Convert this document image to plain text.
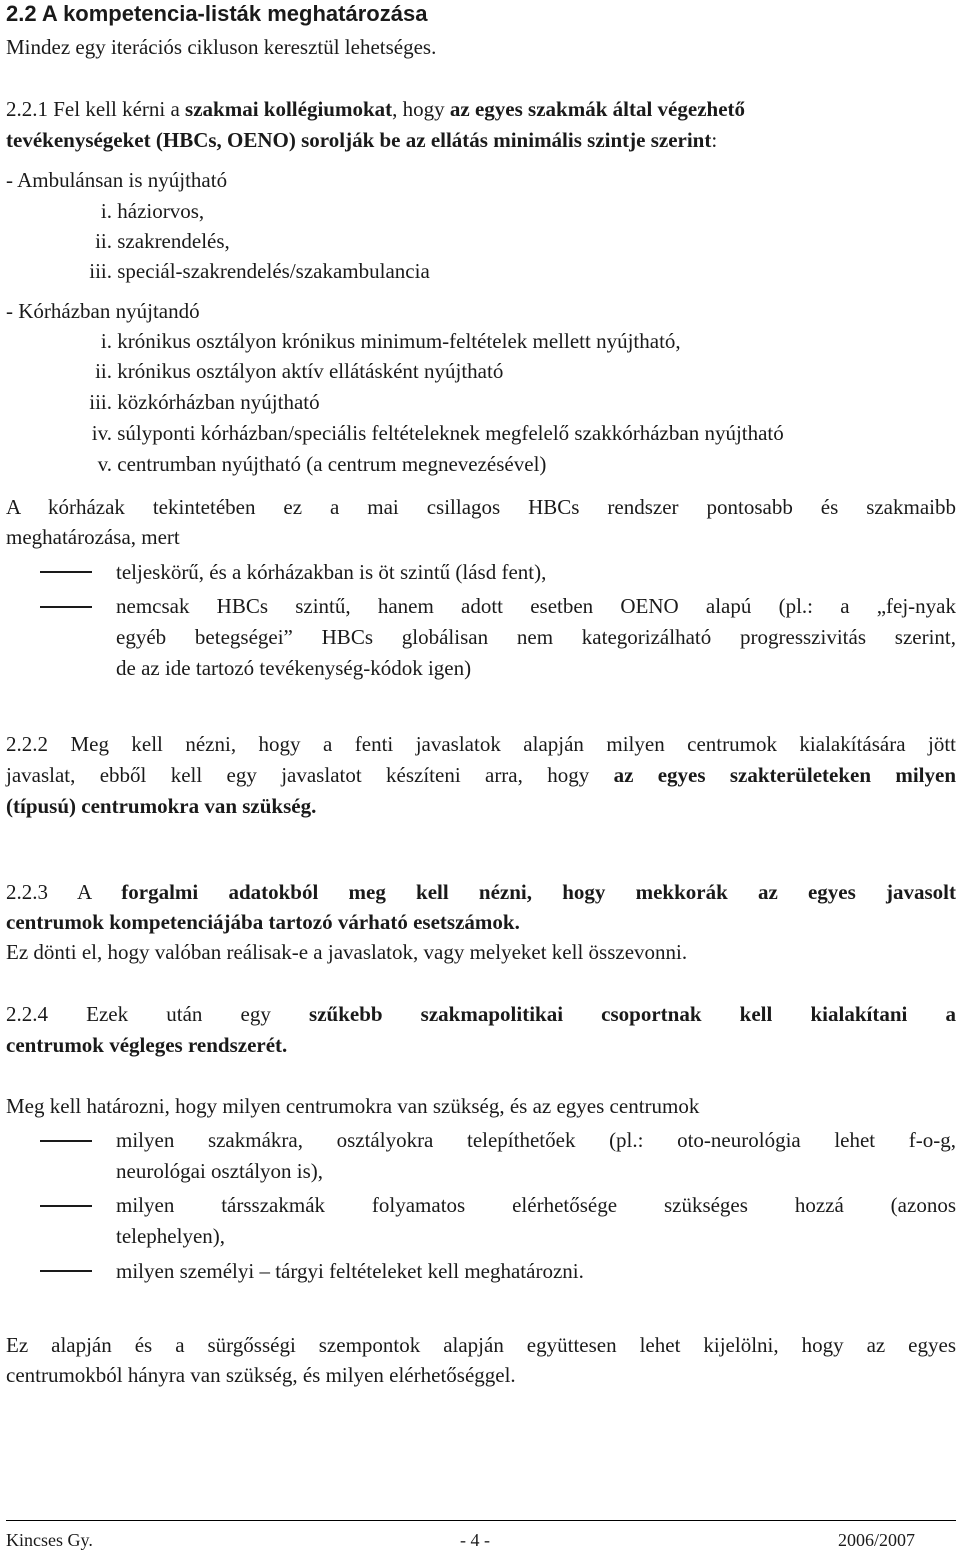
2.2 A kompetencia-listák meghatározása
Mindez egy iterációs cikluson keresztül lehetséges.
2.2.1 Fel kell kérni a szakmai kollégiumokat, hogy az egyes szakmák által végezhető
tevékenységeket (HBCs, OENO) sorolják be az ellátás minimális szintje szerint:
- Ambulánsan is nyújtható
i. háziorvos,
ii. szakrendelés,
iii. speciál-szakrendelés/szakambulancia
- Kórházban nyújtandó
i. krónikus osztályon krónikus minimum-feltételek mellett nyújtható,
ii. krónikus osztályon aktív ellátásként nyújtható
iii. közkórházban nyújtható
iv. súlyponti kórházban/speciális feltételeknek megfelelő szakkórházban nyújtható
v. centrumban nyújtható (a centrum megnevezésével)
A kórházak tekintetében ez a mai csillagos HBCs rendszer pontosabb és szakmaibb
meghatározása, mert
teljeskörű, és a kórházakban is öt szintű (lásd fent),
nemcsak HBCs szintű, hanem adott esetben OENO alapú (pl.: a „fej-nyak
egyéb betegségei” HBCs globálisan nem kategorizálható progresszivitás szerint,
de az ide tartozó tevékenység-kódok igen)
2.2.2 Meg kell nézni, hogy a fenti javaslatok alapján milyen centrumok kialakítására jött
javaslat, ebből kell egy javaslatot készíteni arra, hogy az egyes szakterületeken milyen
(típusú) centrumokra van szükség.
2.2.3 A forgalmi adatokból meg kell nézni, hogy mekkorák az egyes javasolt
centrumok kompetenciájába tartozó várható esetszámok.
Ez dönti el, hogy valóban reálisak-e a javaslatok, vagy melyeket kell összevonni.
2.2.4 Ezek után egy szűkebb szakmapolitikai csoportnak kell kialakítani a
centrumok végleges rendszerét.
Meg kell határozni, hogy milyen centrumokra van szükség, és az egyes centrumok
milyen szakmákra, osztályokra telepíthetőek (pl.: oto-neurológia lehet f-o-g,
neurológai osztályon is),
milyen társszakmák folyamatos elérhetősége szükséges hozzá (azonos
telephelyen),
milyen személyi – tárgyi feltételeket kell meghatározni.
Ez alapján és a sürgősségi szempontok alapján együttesen lehet kijelölni, hogy az egyes
centrumokból hányra van szükség, és milyen elérhetőséggel.
Kincses Gy.	- 4 -	2006/2007
